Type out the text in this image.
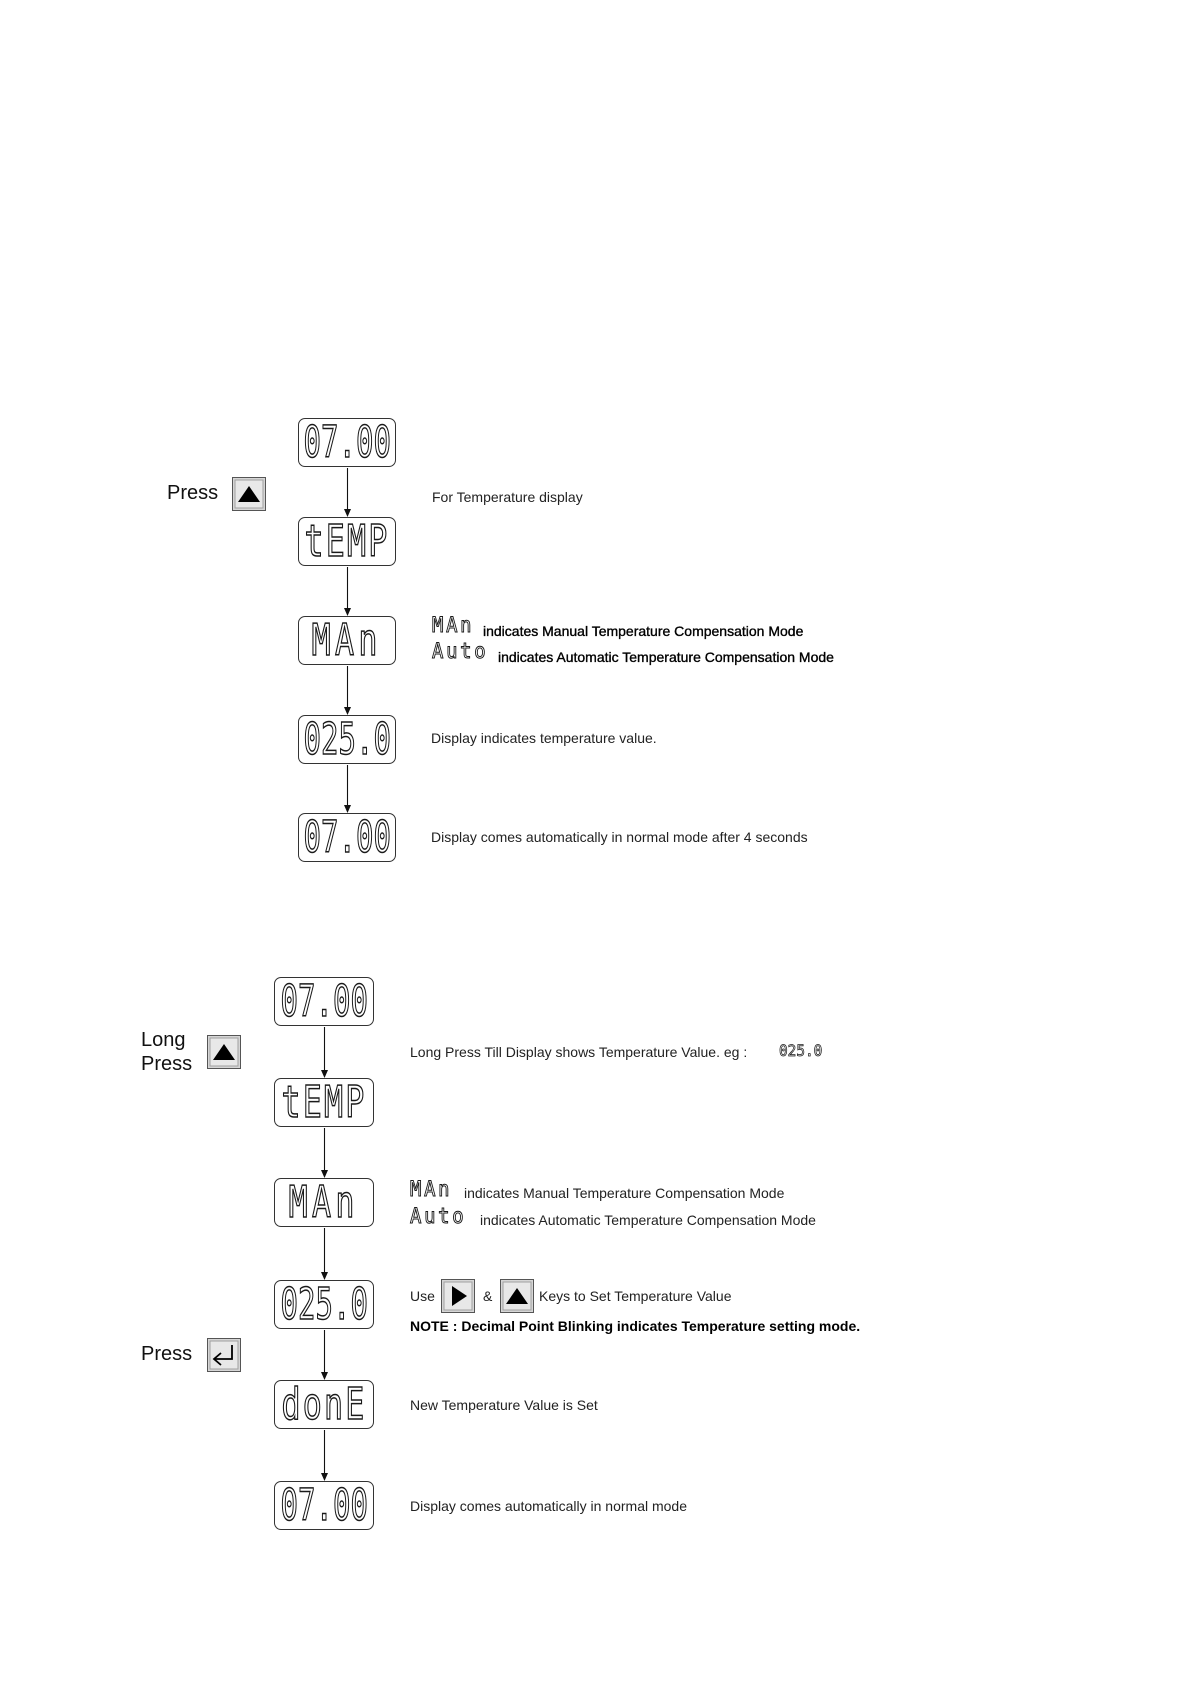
Press
07.00
tEMP
MAn
025.0
07.00
For Temperature display
MAn indicates Manual Temperature Compensation Mode
Auto indicates Automatic Temperature Compensation Mode
Display indicates temperature value.
Display comes automatically in normal mode after 4 seconds
Long
Press
07.00
tEMP
MAn
025.0
donE
07.00
Long Press Till Display shows Temperature Value. eg : 025.0
MAn indicates Manual Temperature Compensation Mode
Auto indicates Automatic Temperature Compensation Mode
Use	&	Keys to Set Temperature Value
NOTE : Decimal Point Blinking indicates Temperature setting mode.
Press
New Temperature Value is Set
Display comes automatically in normal mode
